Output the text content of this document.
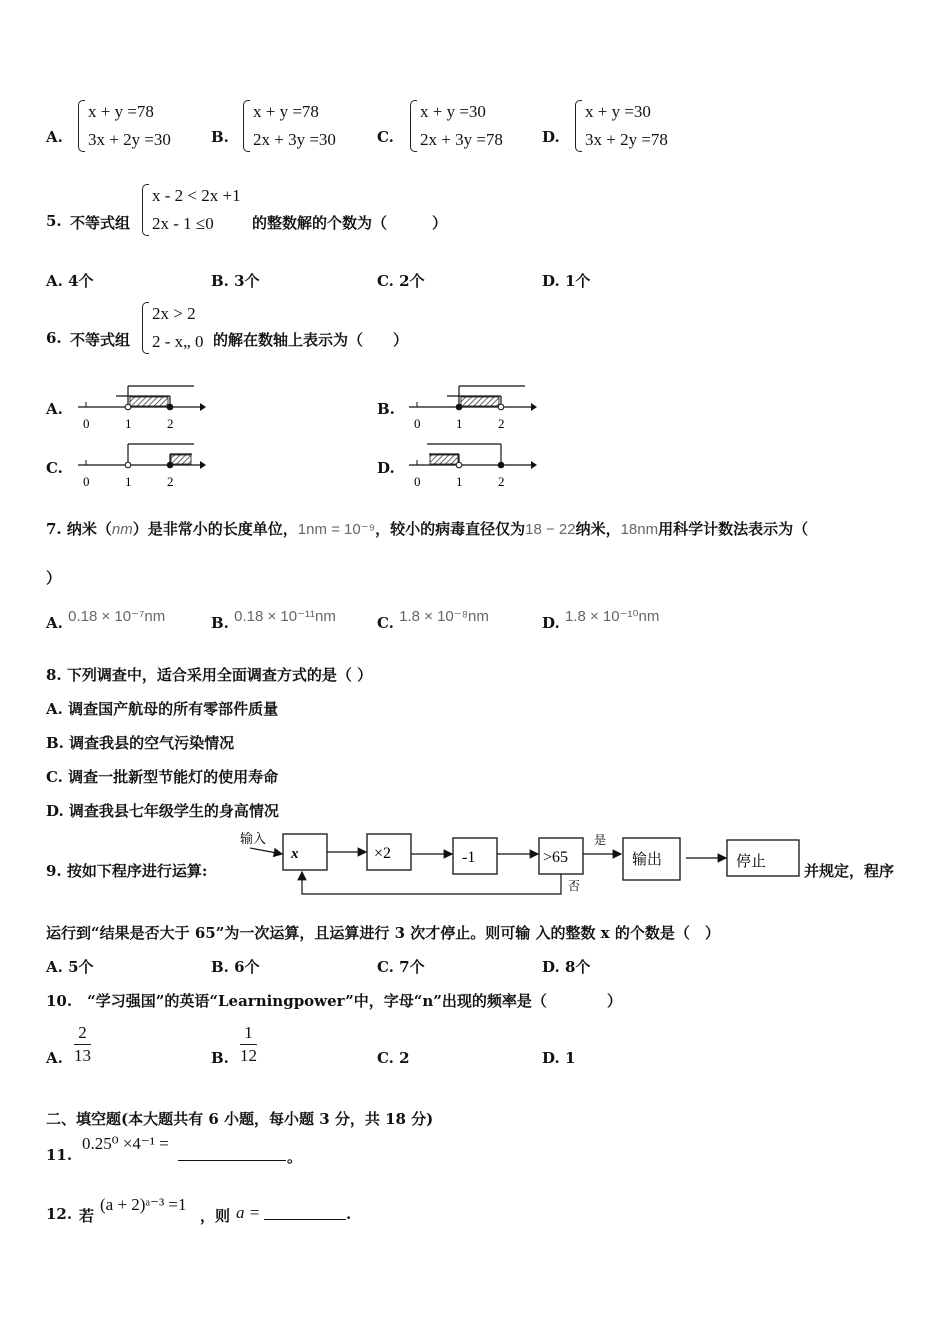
A.
x + y =78
3x + 2y =30	B.
x + y =78
2x + 3y =30	C.
x + y =30
2x + 3y =78	D.
x + y =30
3x + 2y =78
5. 不等式组
x - 2 < 2x +1
2x - 1 ≤0	的整数解的个数为（　　　）
A. 4个	B. 3个	C. 2个	D. 1个
6. 不等式组
2x > 2
2 - x„ 0 的解在数轴上表示为（　　）
A.
0	1	2
B.
0	1	2
C.
0	1	2
D.
0	1	2
7. 纳米（nm）是非常小的长度单位，1nm = 10⁻⁹，较小的病毒直径仅为18 − 22纳米，18nm用科学计数法表示为（
）
A. 0.18 × 10⁻⁷nm	B. 0.18 × 10⁻¹¹nm	C. 1.8 × 10⁻⁸nm	D. 1.8 × 10⁻¹⁰nm
8. 下列调查中，适合采用全面调查方式的是（ ）
A. 调查国产航母的所有零部件质量
B. 调查我县的空气污染情况
C. 调查一批新型节能灯的使用寿命
D. 调查我县七年级学生的身高情况
9. 按如下程序进行运算:
输入
x	×2	-1	>65
是
输出	停止
否
并规定，程序
运行到“结果是否大于 65”为一次运算，且运算进行 3 次才停止。则可输 入的整数 x 的个数是（　）
A. 5个	B. 6个	C. 7个	D. 8个
10.　“学习强国”的英语“Learningpower”中，字母“n”出现的频率是（　　　　）
A. $\frac{2}{13}$	B. $\frac{1}{12}$	C. 2	D. 1
二、填空题(本大题共有 6 小题，每小题 3 分，共 18 分)
11.
0.25⁰ ×4⁻¹ =
。
12. 若
(a + 2)ᵃ⁻³ =1
，则 a =	.
